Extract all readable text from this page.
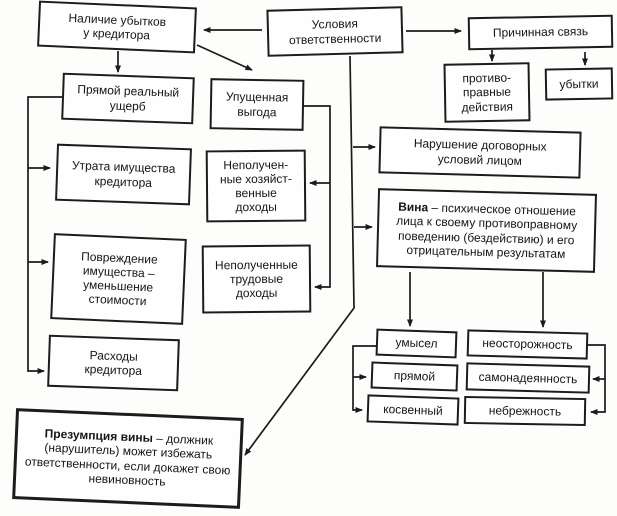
Наличие убытков
у кредитора
Условия
ответственности	Причинная связь
противо-
правные
действия
убытки
Прямой реальный
ущерб
Упущенная
выгода
Утрата имущества
кредитора
Неполучен-
ные хозяйст-
венные
доходы
Повреждение
имущества –
уменьшение
стоимости
Неполученные
трудовые
доходы
Расходы
кредитора
Нарушение договорных
условий лицом
Вина – психическое отношение лица к своему противоправному поведению (бездействию) и его отрицательным результатам
Презумпция вины – должник (нарушитель) может избежать ответственности, если докажет свою невиновность
умысел
прямой
косвенный
неосторожность
самонадеянность
небрежность
